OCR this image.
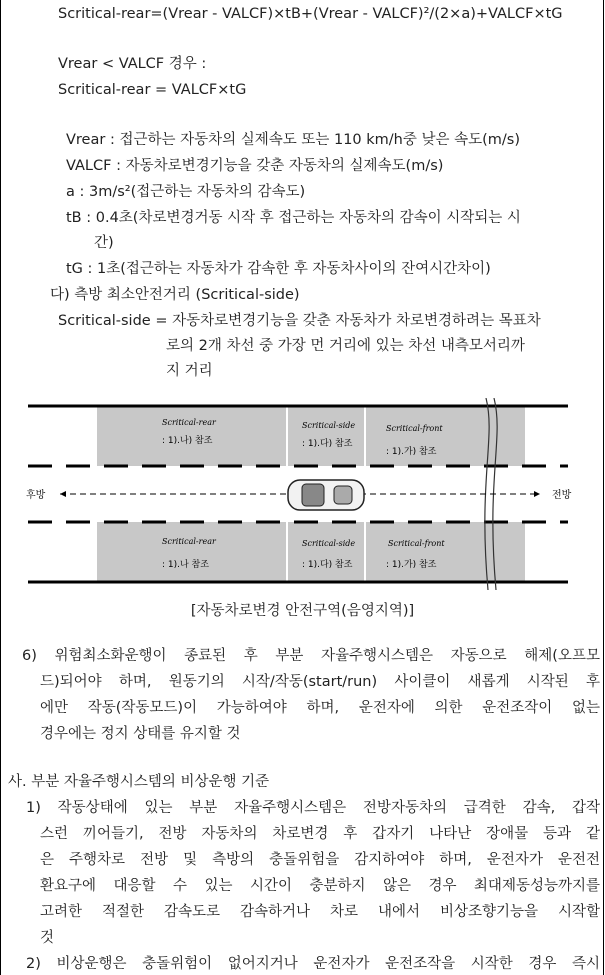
Scritical-rear=(Vrear - VALCF)×tB+(Vrear - VALCF)²/(2×a)+VALCF×tG
Vrear < VALCF 경우 :
Scritical-rear = VALCF×tG
Vrear : 접근하는 자동차의 실제속도 또는 110 km/h중 낮은 속도(m/s)
VALCF : 자동차로변경기능을 갖춘 자동차의 실제속도(m/s)
a : 3m/s²(접근하는 자동차의 감속도)
tB : 0.4초(차로변경거동 시작 후 접근하는 자동차의 감속이 시작되는 시
간)
tG : 1초(접근하는 자동차가 감속한 후 자동차사이의 잔여시간차이)
다) 측방 최소안전거리 (Scritical-side)
Scritical-side = 자동차로변경기능을 갖춘 자동차가 차로변경하려는 목표차
로의 2개 차선 중 가장 먼 거리에 있는 차선 내측모서리까
지 거리
후방	전방
Scritical-rear
: 1).나) 참조
Scritical-side
: 1).다) 참조
Scritical-front
: 1).가) 참조
Scritical-rear
: 1).나 참조
Scritical-side
: 1).다) 참조
Scritical-front
: 1).가) 참조
[자동차로변경 안전구역(음영지역)]
6) 위험최소화운행이 종료된 후 부분 자율주행시스템은 자동으로 해제(오프모
드)되어야 하며, 원동기의 시작/작동(start/run) 사이클이 새롭게 시작된 후
에만 작동(작동모드)이 가능하여야 하며, 운전자에 의한 운전조작이 없는
경우에는 정지 상태를 유지할 것
사. 부분 자율주행시스템의 비상운행 기준
1) 작동상태에 있는 부분 자율주행시스템은 전방자동차의 급격한 감속, 갑작
스런 끼어들기, 전방 자동차의 차로변경 후 갑자기 나타난 장애물 등과 같
은 주행차로 전방 및 측방의 충돌위험을 감지하여야 하며, 운전자가 운전전
환요구에 대응할 수 있는 시간이 충분하지 않은 경우 최대제동성능까지를
고려한 적절한 감속도로 감속하거나 차로 내에서 비상조향기능을 시작할
것
2) 비상운행은 충돌위험이 없어지거나 운전자가 운전조작을 시작한 경우 즉시
